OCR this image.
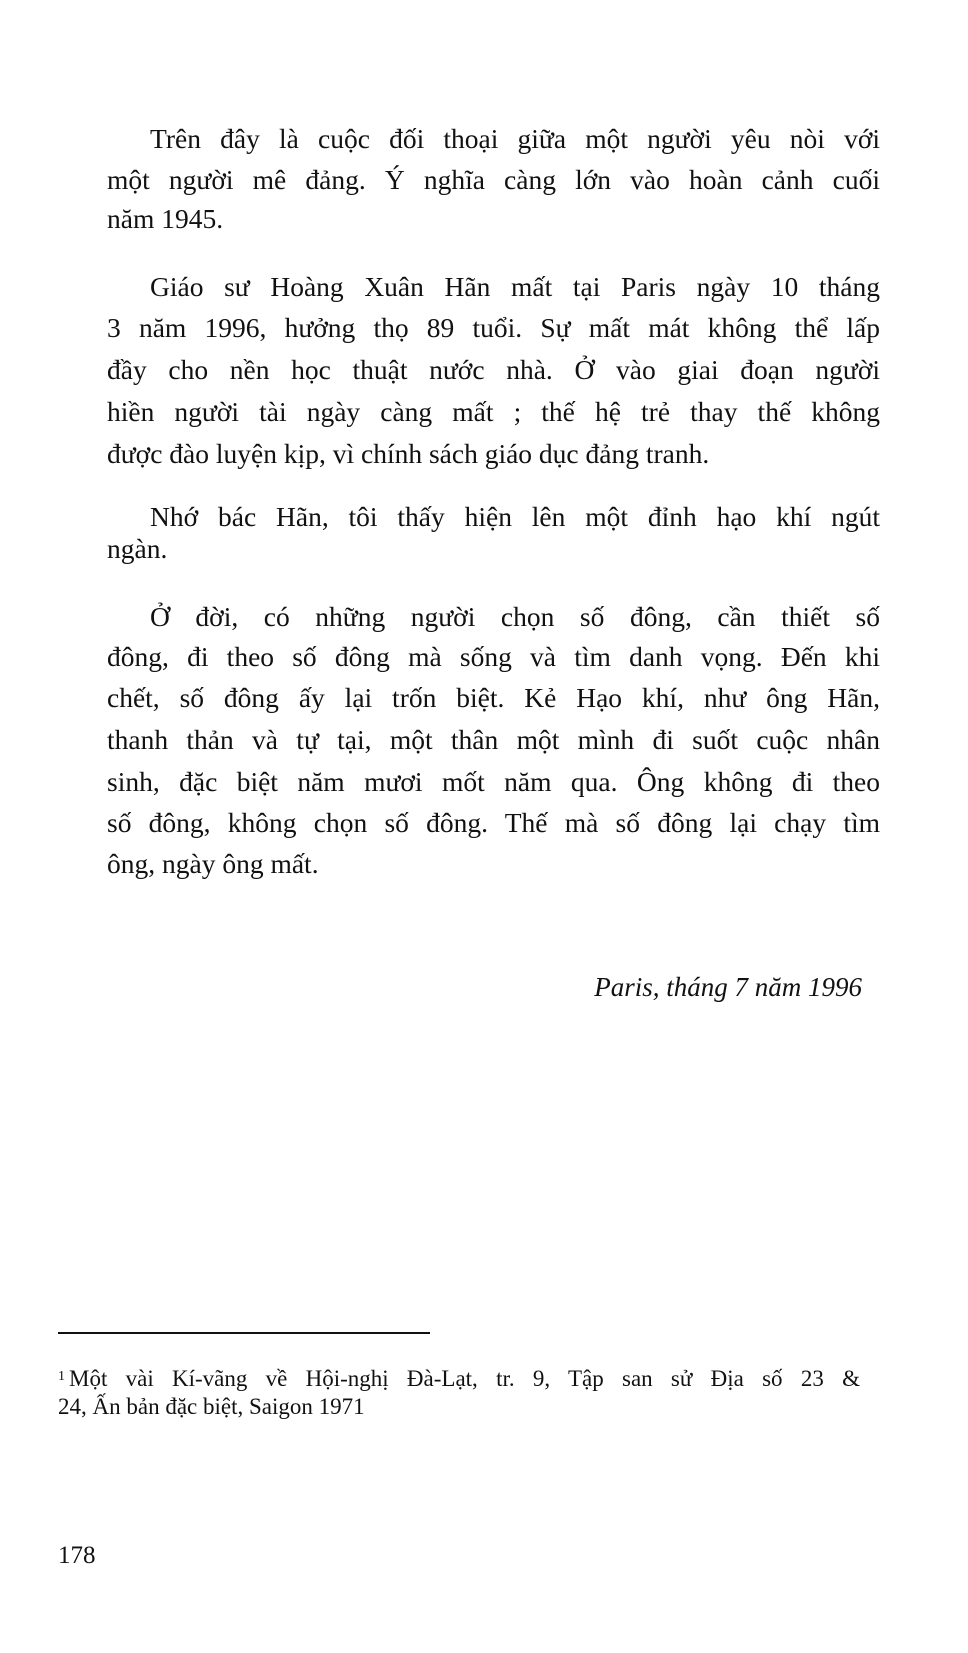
Trên đây là cuộc đối thoại giữa một người yêu nòi với
một người mê đảng. Ý nghĩa càng lớn vào hoàn cảnh cuối
năm 1945.
Giáo sư Hoàng Xuân Hãn mất tại Paris ngày 10 tháng
3 năm 1996, hưởng thọ 89 tuổi. Sự mất mát không thể lấp
đầy cho nền học thuật nước nhà. Ở vào giai đoạn người
hiền người tài ngày càng mất ; thế hệ trẻ thay thế không
được đào luyện kịp, vì chính sách giáo dục đảng tranh.
Nhớ bác Hãn, tôi thấy hiện lên một đỉnh hạo khí ngút
ngàn.
Ở đời, có những người chọn số đông, cần thiết số
đông, đi theo số đông mà sống và tìm danh vọng. Đến khi
chết, số đông ấy lại trốn biệt. Kẻ Hạo khí, như ông Hãn,
thanh thản và tự tại, một thân một mình đi suốt cuộc nhân
sinh, đặc biệt năm mươi mốt năm qua. Ông không đi theo
số đông, không chọn số đông. Thế mà số đông lại chạy tìm
ông, ngày ông mất.
Paris, tháng 7 năm 1996
$^1$ Một vài Kí-vãng về Hội-nghị Đà-Lạt, tr. 9, Tập san sử Địa số 23 &
24, Ấn bản đặc biệt, Saigon 1971
178
